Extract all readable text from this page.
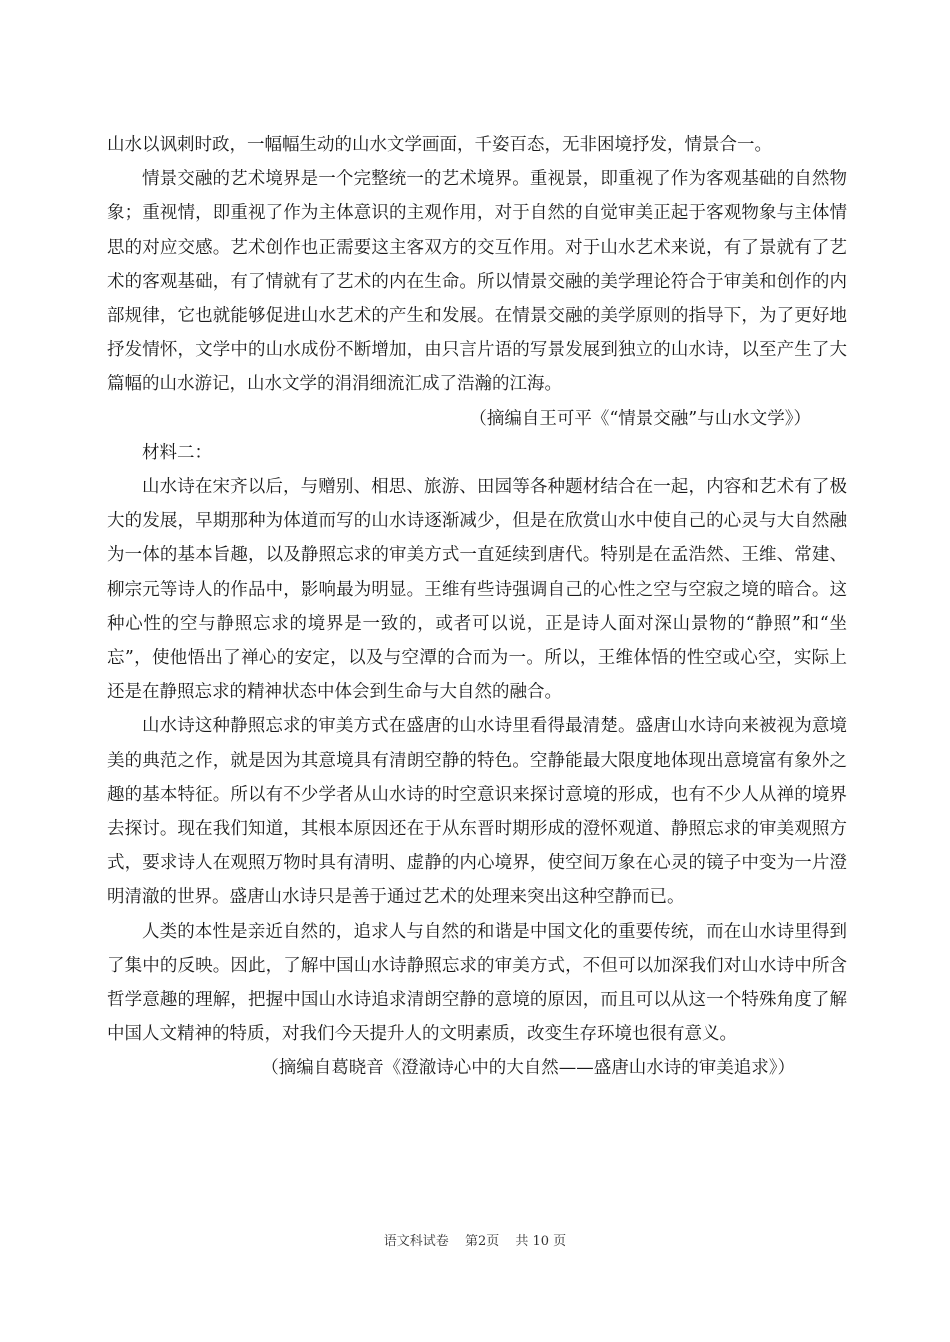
山水以讽刺时政，一幅幅生动的山水文学画面，千姿百态，无非困境抒发，情景合一。

情景交融的艺术境界是一个完整统一的艺术境界。重视景，即重视了作为客观基础的自然物象；重视情，即重视了作为主体意识的主观作用，对于自然的自觉审美正起于客观物象与主体情思的对应交感。艺术创作也正需要这主客双方的交互作用。对于山水艺术来说，有了景就有了艺术的客观基础，有了情就有了艺术的内在生命。所以情景交融的美学理论符合于审美和创作的内部规律，它也就能够促进山水艺术的产生和发展。在情景交融的美学原则的指导下，为了更好地抒发情怀，文学中的山水成份不断增加，由只言片语的写景发展到独立的山水诗，以至产生了大篇幅的山水游记，山水文学的涓涓细流汇成了浩瀚的江海。

（摘编自王可平《“情景交融”与山水文学》）

材料二：

山水诗在宋齐以后，与赠别、相思、旅游、田园等各种题材结合在一起，内容和艺术有了极大的发展，早期那种为体道而写的山水诗逐渐减少，但是在欣赏山水中使自己的心灵与大自然融为一体的基本旨趣，以及静照忘求的审美方式一直延续到唐代。特别是在孟浩然、王维、常建、柳宗元等诗人的作品中，影响最为明显。王维有些诗强调自己的心性之空与空寂之境的暗合。这种心性的空与静照忘求的境界是一致的，或者可以说，正是诗人面对深山景物的“静照”和“坐忘”，使他悟出了禅心的安定，以及与空潭的合而为一。所以，王维体悟的性空或心空，实际上还是在静照忘求的精神状态中体会到生命与大自然的融合。

山水诗这种静照忘求的审美方式在盛唐的山水诗里看得最清楚。盛唐山水诗向来被视为意境美的典范之作，就是因为其意境具有清朗空静的特色。空静能最大限度地体现出意境富有象外之趣的基本特征。所以有不少学者从山水诗的时空意识来探讨意境的形成，也有不少人从禅的境界去探讨。现在我们知道，其根本原因还在于从东晋时期形成的澄怀观道、静照忘求的审美观照方式，要求诗人在观照万物时具有清明、虚静的内心境界，使空间万象在心灵的镜子中变为一片澄明清澈的世界。盛唐山水诗只是善于通过艺术的处理来突出这种空静而已。

人类的本性是亲近自然的，追求人与自然的和谐是中国文化的重要传统，而在山水诗里得到了集中的反映。因此，了解中国山水诗静照忘求的审美方式，不但可以加深我们对山水诗中所含哲学意趣的理解，把握中国山水诗追求清朗空静的意境的原因，而且可以从这一个特殊角度了解中国人文精神的特质，对我们今天提升人的文明素质，改变生存环境也很有意义。

（摘编自葛晓音《澄澈诗心中的大自然——盛唐山水诗的审美追求》）

语文科试卷 第2页 共 10 页
